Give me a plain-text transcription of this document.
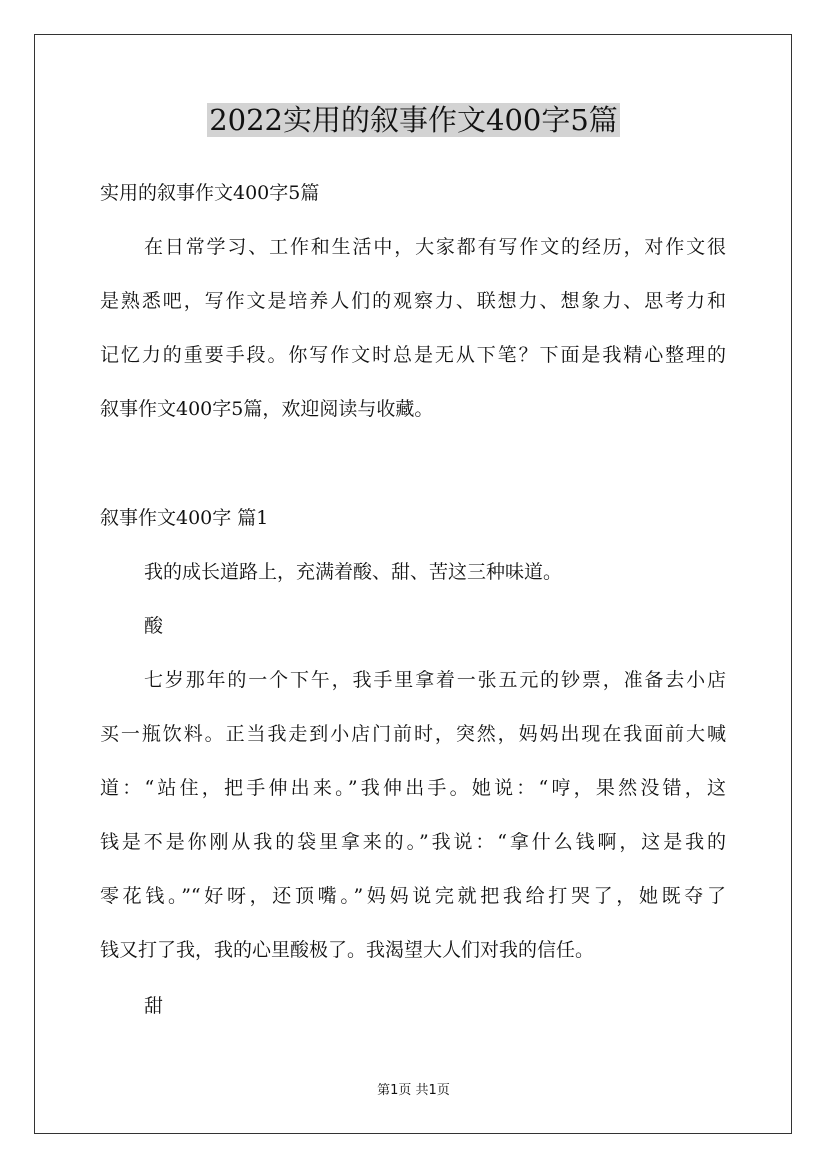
2022实用的叙事作文400字5篇
实用的叙事作文400字5篇
在日常学习、工作和生活中，大家都有写作文的经历，对作文很
是熟悉吧，写作文是培养人们的观察力、联想力、想象力、思考力和
记忆力的重要手段。你写作文时总是无从下笔？下面是我精心整理的
叙事作文400字5篇，欢迎阅读与收藏。
叙事作文400字 篇1
我的成长道路上，充满着酸、甜、苦这三种味道。
酸
七岁那年的一个下午，我手里拿着一张五元的钞票，准备去小店
买一瓶饮料。正当我走到小店门前时，突然，妈妈出现在我面前大喊
道：“站住，把手伸出来。”我伸出手。她说：“哼，果然没错，这
钱是不是你刚从我的袋里拿来的。”我说：“拿什么钱啊，这是我的
零花钱。”“好呀，还顶嘴。”妈妈说完就把我给打哭了，她既夺了
钱又打了我，我的心里酸极了。我渴望大人们对我的信任。
甜
第1页 共1页
